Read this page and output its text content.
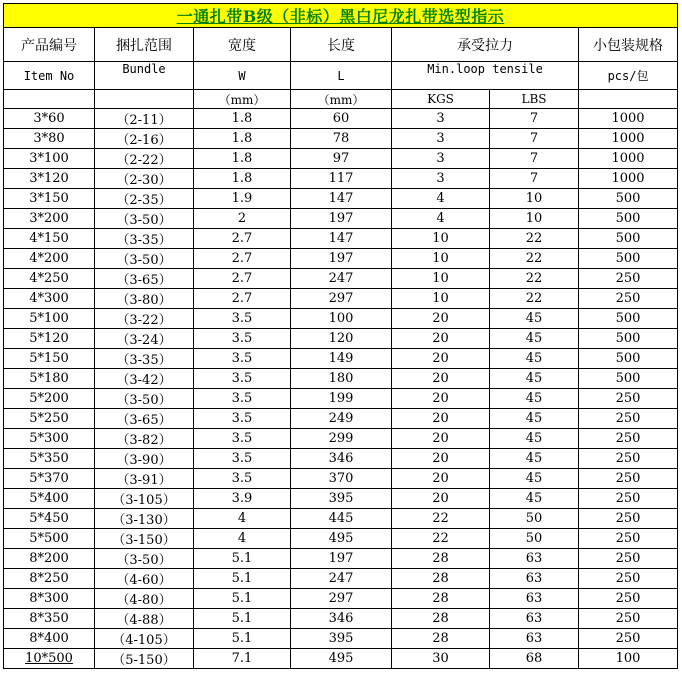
一通扎带B级（非标）黑白尼龙扎带选型指示						
产品编号	捆扎范围	宽度	长度	承受拉力		小包装规格
Item No	Bundle	W	L	Min.loop tensile		pcs/包
		（mm）	（mm）	KGS	LBS	
3*60	（2-11）	1.8	60	3	7	1000
3*80	（2-16）	1.8	78	3	7	1000
3*100	（2-22）	1.8	97	3	7	1000
3*120	（2-30）	1.8	117	3	7	1000
3*150	（2-35）	1.9	147	4	10	500
3*200	（3-50）	2	197	4	10	500
4*150	（3-35）	2.7	147	10	22	500
4*200	（3-50）	2.7	197	10	22	500
4*250	（3-65）	2.7	247	10	22	250
4*300	（3-80）	2.7	297	10	22	250
5*100	（3-22）	3.5	100	20	45	500
5*120	（3-24）	3.5	120	20	45	500
5*150	（3-35）	3.5	149	20	45	500
5*180	（3-42）	3.5	180	20	45	500
5*200	（3-50）	3.5	199	20	45	250
5*250	（3-65）	3.5	249	20	45	250
5*300	（3-82）	3.5	299	20	45	250
5*350	（3-90）	3.5	346	20	45	250
5*370	（3-91）	3.5	370	20	45	250
5*400	（3-105）	3.9	395	20	45	250
5*450	（3-130）	4	445	22	50	250
5*500	（3-150）	4	495	22	50	250
8*200	（3-50）	5.1	197	28	63	250
8*250	（4-60）	5.1	247	28	63	250
8*300	（4-80）	5.1	297	28	63	250
8*350	（4-88）	5.1	346	28	63	250
8*400	（4-105）	5.1	395	28	63	250
10*500	（5-150）	7.1	495	30	68	100
